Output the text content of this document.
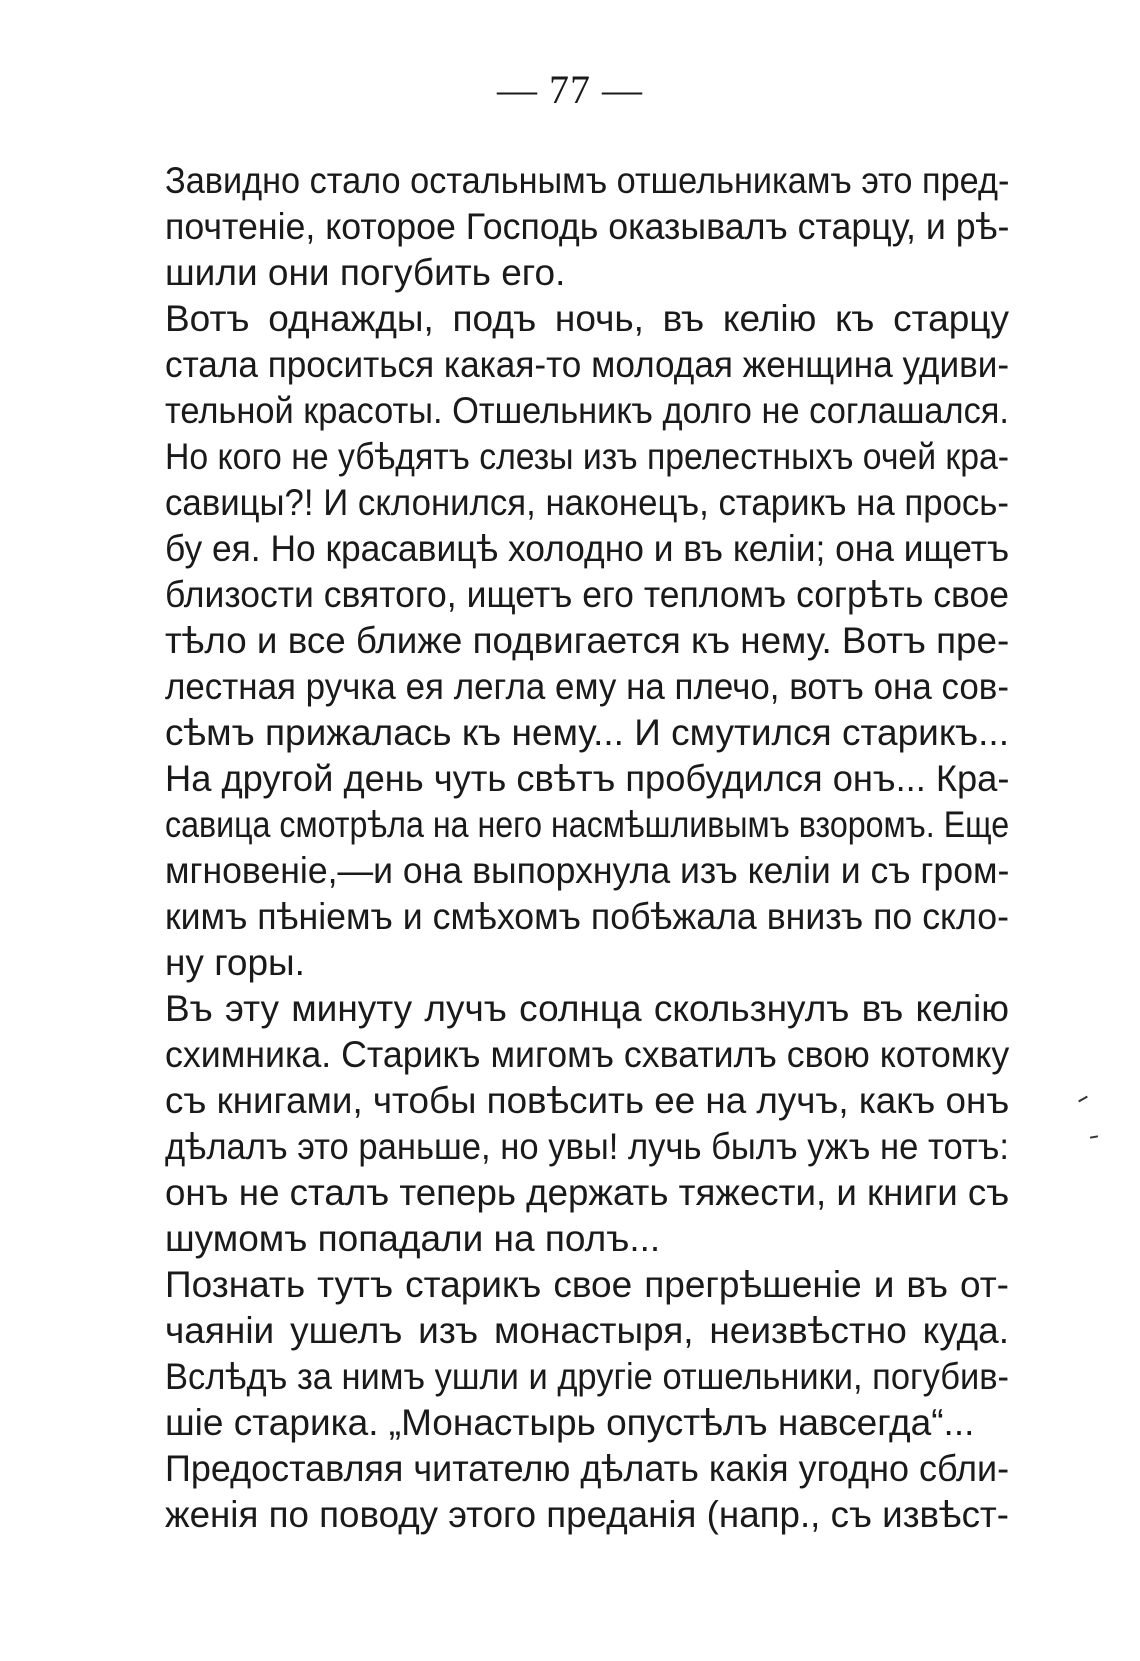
— 77 —
Завидно стало остальнымъ отшельникамъ это пред-
почтеніе, которое Господь оказывалъ старцу, и рѣ-
шили они погубить его.
Вотъ однажды, подъ ночь, въ келію къ старцу
стала проситься какая-то молодая женщина удиви-
тельной красоты. Отшельникъ долго не соглашался.
Но кого не убѣдятъ слезы изъ прелестныхъ очей кра-
савицы?! И склонился, наконецъ, старикъ на прось-
бу ея. Но красавицѣ холодно и въ келіи; она ищетъ
близости святого, ищетъ его тепломъ согрѣть свое
тѣло и все ближе подвигается къ нему. Вотъ пре-
лестная ручка ея легла ему на плечо, вотъ она сов-
сѣмъ прижалась къ нему... И смутился старикъ...
На другой день чуть свѣтъ пробудился онъ... Кра-
савица смотрѣла на него насмѣшливымъ взоромъ. Еще
мгновеніе,—и она выпорхнула изъ келіи и съ гром-
кимъ пѣніемъ и смѣхомъ побѣжала внизъ по скло-
ну горы.
Въ эту минуту лучъ солнца скользнулъ въ келію
схимника. Старикъ мигомъ схватилъ свою котомку
съ книгами, чтобы повѣсить ее на лучъ, какъ онъ
дѣлалъ это раньше, но увы! лучь былъ ужъ не тотъ:
онъ не сталъ теперь держать тяжести, и книги съ
шумомъ попадали на полъ...
Познать тутъ старикъ свое прегрѣшеніе и въ от-
чаяніи ушелъ изъ монастыря, неизвѣстно куда.
Вслѣдъ за нимъ ушли и другіе отшельники, погубив-
шіе старика. „Монастырь опустѣлъ навсегда“...
Предоставляя читателю дѣлать какія угодно сбли-
женія по поводу этого преданія (напр., съ извѣст-
